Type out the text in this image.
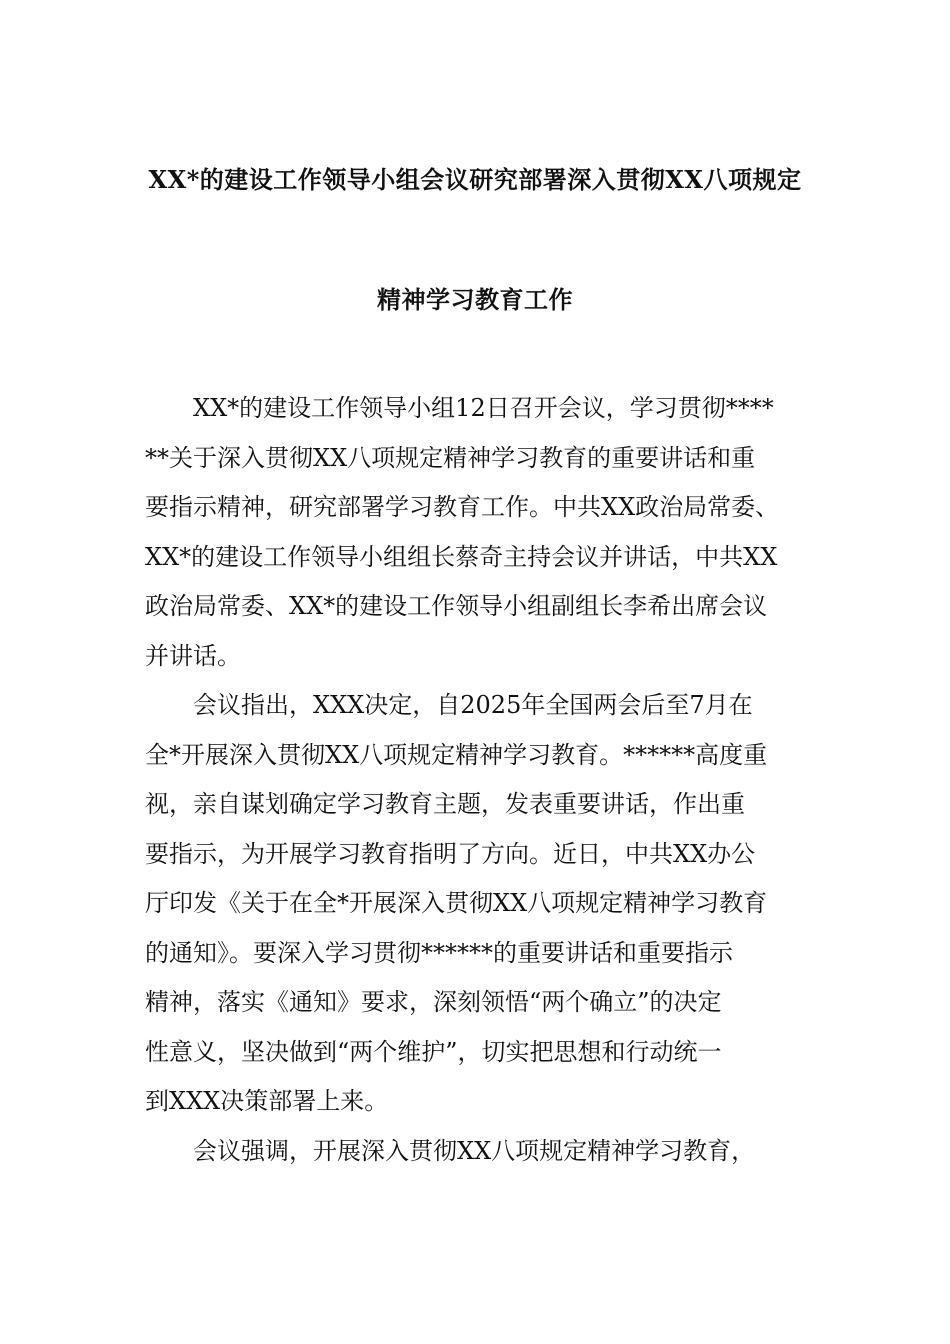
XX*的建设工作领导小组会议研究部署深入贯彻XX八项规定
精神学习教育工作

XX*的建设工作领导小组12日召开会议，学习贯彻****
**关于深入贯彻XX八项规定精神学习教育的重要讲话和重
要指示精神，研究部署学习教育工作。中共XX政治局常委、
XX*的建设工作领导小组组长蔡奇主持会议并讲话，中共XX
政治局常委、XX*的建设工作领导小组副组长李希出席会议
并讲话。

会议指出，XXX决定，自2025年全国两会后至7月在
全*开展深入贯彻XX八项规定精神学习教育。******高度重
视，亲自谋划确定学习教育主题，发表重要讲话，作出重
要指示，为开展学习教育指明了方向。近日，中共XX办公
厅印发《关于在全*开展深入贯彻XX八项规定精神学习教育
的通知》。要深入学习贯彻******的重要讲话和重要指示
精神，落实《通知》要求，深刻领悟“两个确立”的决定
性意义，坚决做到“两个维护”，切实把思想和行动统一
到XXX决策部署上来。

会议强调，开展深入贯彻XX八项规定精神学习教育，
